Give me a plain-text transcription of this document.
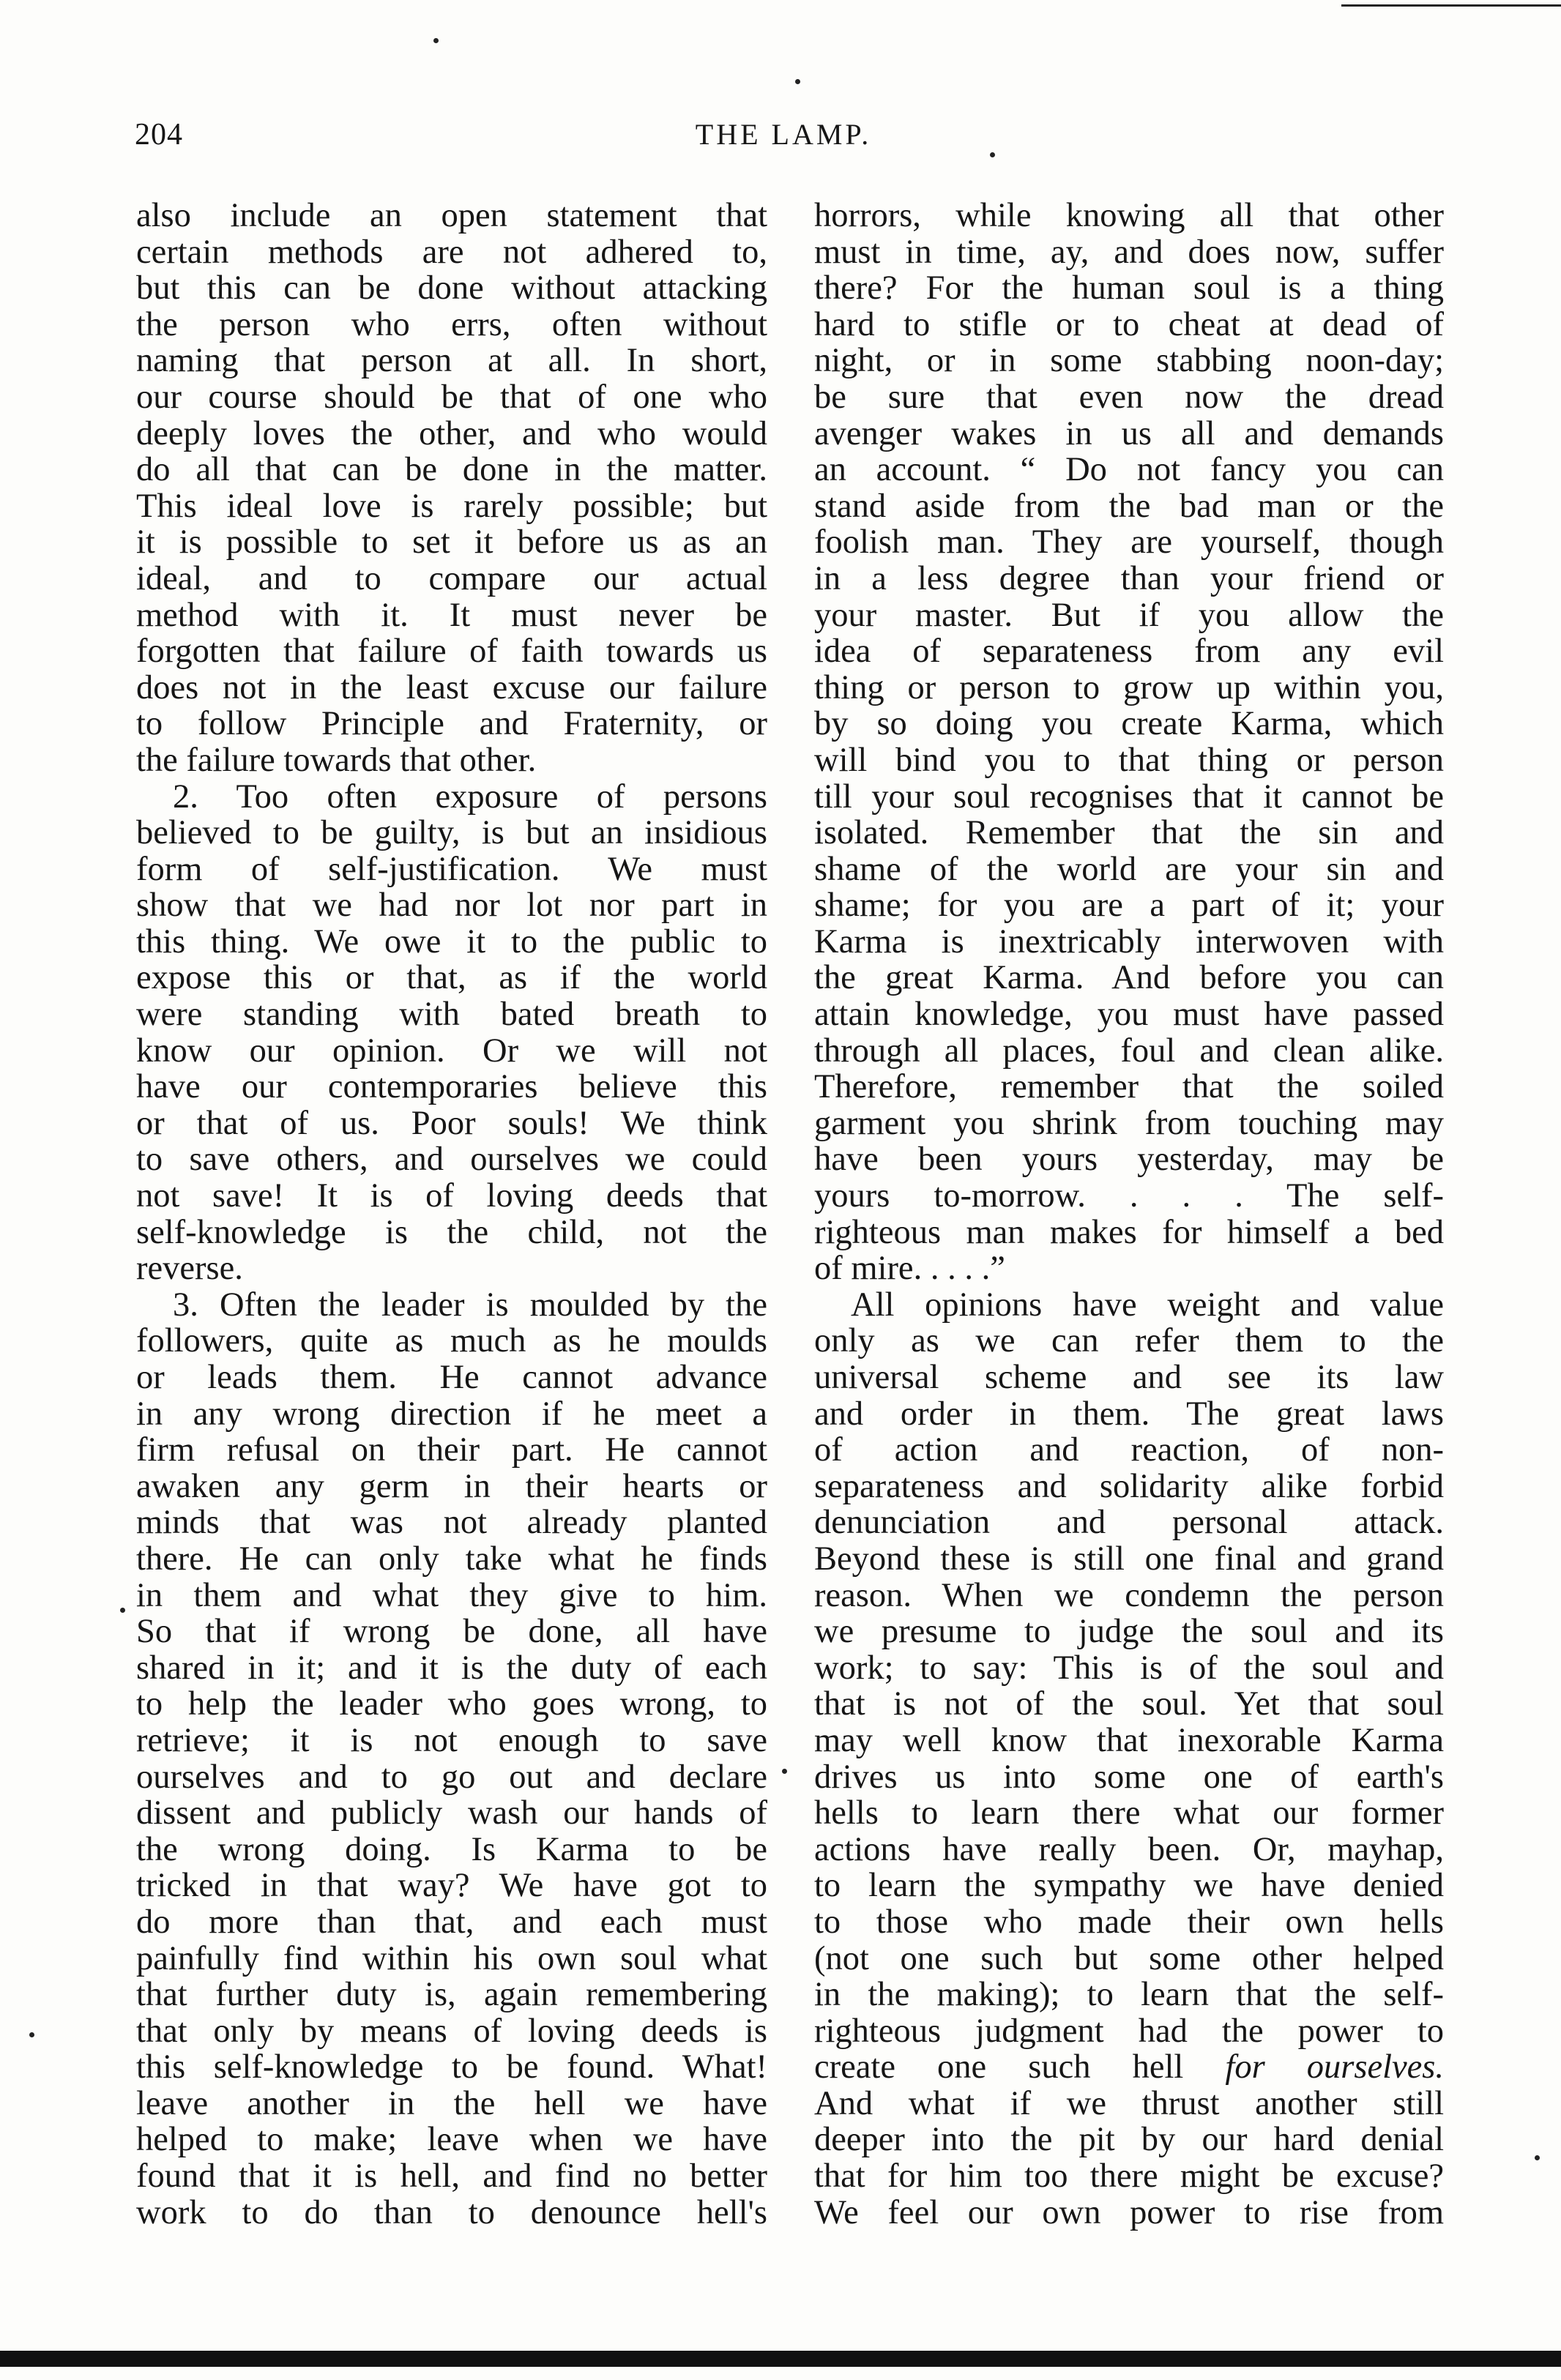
204	THE LAMP.
also include an open statement that
certain methods are not adhered to,
but this can be done without attacking
the person who errs, often without
naming that person at all. In short,
our course should be that of one who
deeply loves the other, and who would
do all that can be done in the matter.
This ideal love is rarely possible; but
it is possible to set it before us as an
ideal, and to compare our actual
method with it. It must never be
forgotten that failure of faith towards us
does not in the least excuse our failure
to follow Principle and Fraternity, or
the failure towards that other.
2. Too often exposure of persons
believed to be guilty, is but an insidious
form of self-justification. We must
show that we had nor lot nor part in
this thing. We owe it to the public to
expose this or that, as if the world
were standing with bated breath to
know our opinion. Or we will not
have our contemporaries believe this
or that of us. Poor souls! We think
to save others, and ourselves we could
not save! It is of loving deeds that
self-knowledge is the child, not the
reverse.
3. Often the leader is moulded by the
followers, quite as much as he moulds
or leads them. He cannot advance
in any wrong direction if he meet a
firm refusal on their part. He cannot
awaken any germ in their hearts or
minds that was not already planted
there. He can only take what he finds
in them and what they give to him.
So that if wrong be done, all have
shared in it; and it is the duty of each
to help the leader who goes wrong, to
retrieve; it is not enough to save
ourselves and to go out and declare
dissent and publicly wash our hands of
the wrong doing. Is Karma to be
tricked in that way? We have got to
do more than that, and each must
painfully find within his own soul what
that further duty is, again remembering
that only by means of loving deeds is
this self-knowledge to be found. What!
leave another in the hell we have
helped to make; leave when we have
found that it is hell, and find no better
work to do than to denounce hell's
horrors, while knowing all that other
must in time, ay, and does now, suffer
there? For the human soul is a thing
hard to stifle or to cheat at dead of
night, or in some stabbing noon-day;
be sure that even now the dread
avenger wakes in us all and demands
an account. “ Do not fancy you can
stand aside from the bad man or the
foolish man. They are yourself, though
in a less degree than your friend or
your master. But if you allow the
idea of separateness from any evil
thing or person to grow up within you,
by so doing you create Karma, which
will bind you to that thing or person
till your soul recognises that it cannot be
isolated. Remember that the sin and
shame of the world are your sin and
shame; for you are a part of it; your
Karma is inextricably interwoven with
the great Karma. And before you can
attain knowledge, you must have passed
through all places, foul and clean alike.
Therefore, remember that the soiled
garment you shrink from touching may
have been yours yesterday, may be
yours to-morrow. . . . The self-
righteous man makes for himself a bed
of mire. . . . .”
All opinions have weight and value
only as we can refer them to the
universal scheme and see its law
and order in them. The great laws
of action and reaction, of non-
separateness and solidarity alike forbid
denunciation and personal attack.
Beyond these is still one final and grand
reason. When we condemn the person
we presume to judge the soul and its
work; to say: This is of the soul and
that is not of the soul. Yet that soul
may well know that inexorable Karma
drives us into some one of earth's
hells to learn there what our former
actions have really been. Or, mayhap,
to learn the sympathy we have denied
to those who made their own hells
(not one such but some other helped
in the making); to learn that the self-
righteous judgment had the power to
create one such hell for ourselves.
And what if we thrust another still
deeper into the pit by our hard denial
that for him too there might be excuse?
We feel our own power to rise from
